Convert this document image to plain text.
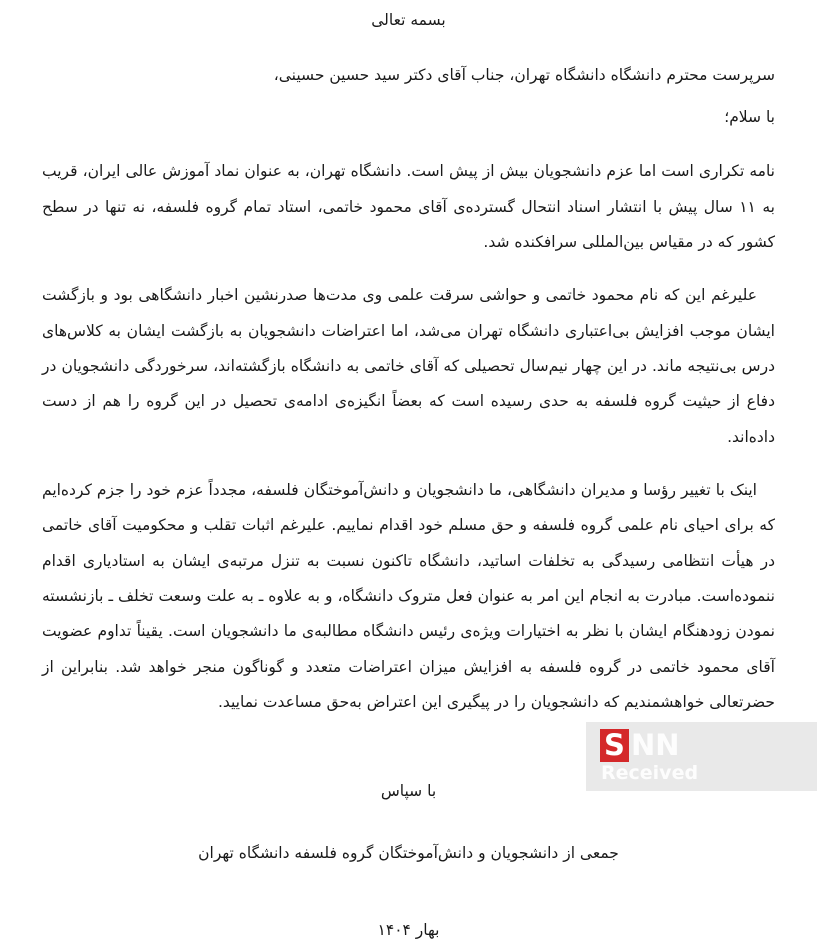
بسمه تعالی

سرپرست محترم دانشگاه دانشگاه تهران، جناب آقای دکتر سید حسین حسینی،

با سلام؛

نامه تکراری است اما عزم دانشجویان بیش از پیش است. دانشگاه تهران، به عنوان نماد آموزش عالی ایران، قریب به ۱۱ سال پیش با انتشار اسناد انتحال گسترده‌ی آقای محمود خاتمی، استاد تمام گروه فلسفه، نه تنها در سطح کشور که در مقیاس بین‌المللی سرافکنده شد.

علیرغم این که نام محمود خاتمی و حواشی سرقت علمی وی مدت‌ها صدرنشین اخبار دانشگاهی بود و بازگشت ایشان موجب افزایش بی‌اعتباری دانشگاه تهران می‌شد، اما اعتراضات دانشجویان به بازگشت ایشان به کلاس‌های درس بی‌نتیجه ماند. در این چهار نیم‌سال تحصیلی که آقای خاتمی به دانشگاه بازگشته‌اند، سرخوردگی دانشجویان در دفاع از حیثیت گروه فلسفه به حدی رسیده است که بعضاً انگیزه‌ی ادامه‌ی تحصیل در این گروه را هم از دست داده‌اند.

اینک با تغییر رؤسا و مدیران دانشگاهی، ما دانشجویان و دانش‌آموختگان فلسفه، مجدداً عزم خود را جزم کرده‌ایم که برای احیای نام علمی گروه فلسفه و حق مسلم خود اقدام نماییم. علیرغم اثبات تقلب و محکومیت آقای خاتمی در هیأت انتظامی رسیدگی به تخلفات اساتید، دانشگاه تاکنون نسبت به تنزل مرتبه‌ی ایشان به استادیاری اقدام ننموده‌است. مبادرت به انجام این امر به عنوان فعل متروک دانشگاه، و به علاوه ـ به علت وسعت تخلف ـ بازنشسته نمودن زودهنگام ایشان با نظر به اختیارات ویژه‌ی رئیس دانشگاه مطالبه‌ی ما دانشجویان است. یقیناً تداوم عضویت آقای محمود خاتمی در گروه فلسفه به افزایش میزان اعتراضات متعدد و گوناگون منجر خواهد شد. بنابراین از حضرتعالی خواهشمندیم که دانشجویان را در پیگیری این اعتراض به‌حق مساعدت نمایید.

با سپاس

جمعی از دانشجویان و دانش‌آموختگان گروه فلسفه دانشگاه تهران

بهار ۱۴۰۴

S NN
Received
